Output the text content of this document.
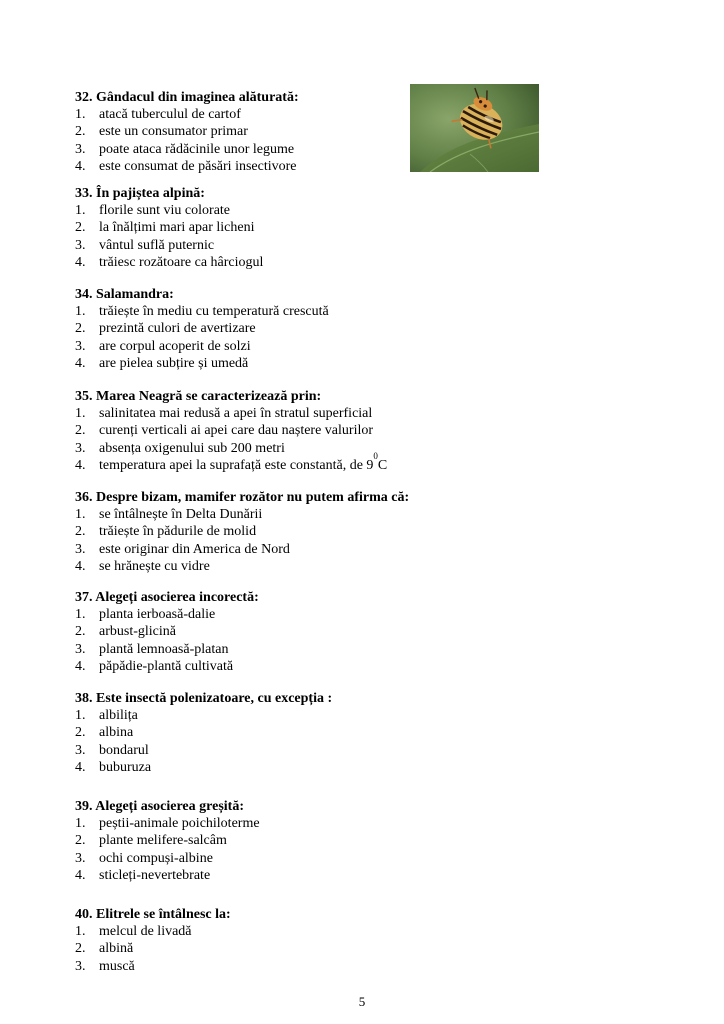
32. Gândacul din imaginea alăturată:
1. atacă tuberculul de cartof
2. este un consumator primar
3. poate ataca rădăcinile unor legume
4. este consumat de păsări insectivore
33. În pajiștea alpină:
1. florile sunt viu colorate
2. la înălțimi mari apar licheni
3. vântul suflă puternic
4. trăiesc rozătoare ca hârciogul
34. Salamandra:
1. trăiește în mediu cu temperatură crescută
2. prezintă culori de avertizare
3. are corpul acoperit de solzi
4. are pielea subțire și umedă
35. Marea Neagră se caracterizează prin:
1. salinitatea mai redusă a apei în stratul superficial
2. curenți verticali ai apei care dau naștere valurilor
3. absența oxigenului sub 200 metri
4. temperatura apei la suprafață este constantă, de 9
$^0$
C
36. Despre bizam, mamifer rozător nu putem afirma că:
1. se întâlnește în Delta Dunării
2. trăiește în pădurile de molid
3. este originar din America de Nord
4. se hrănește cu vidre
37. Alegeți asocierea incorectă:
1. planta ierboasă-dalie
2. arbust-glicină
3. plantă lemnoasă-platan
4. păpădie-plantă cultivată
38. Este insectă polenizatoare, cu excepția :
1. albilița
2. albina
3. bondarul
4. buburuza
39. Alegeți asocierea greșită:
1. peștii-animale poichiloterme
2. plante melifere-salcâm
3. ochi compuși-albine
4. sticleți-nevertebrate
40. Elitrele se întâlnesc la:
1. melcul de livadă
2. albină
3. muscă
5
